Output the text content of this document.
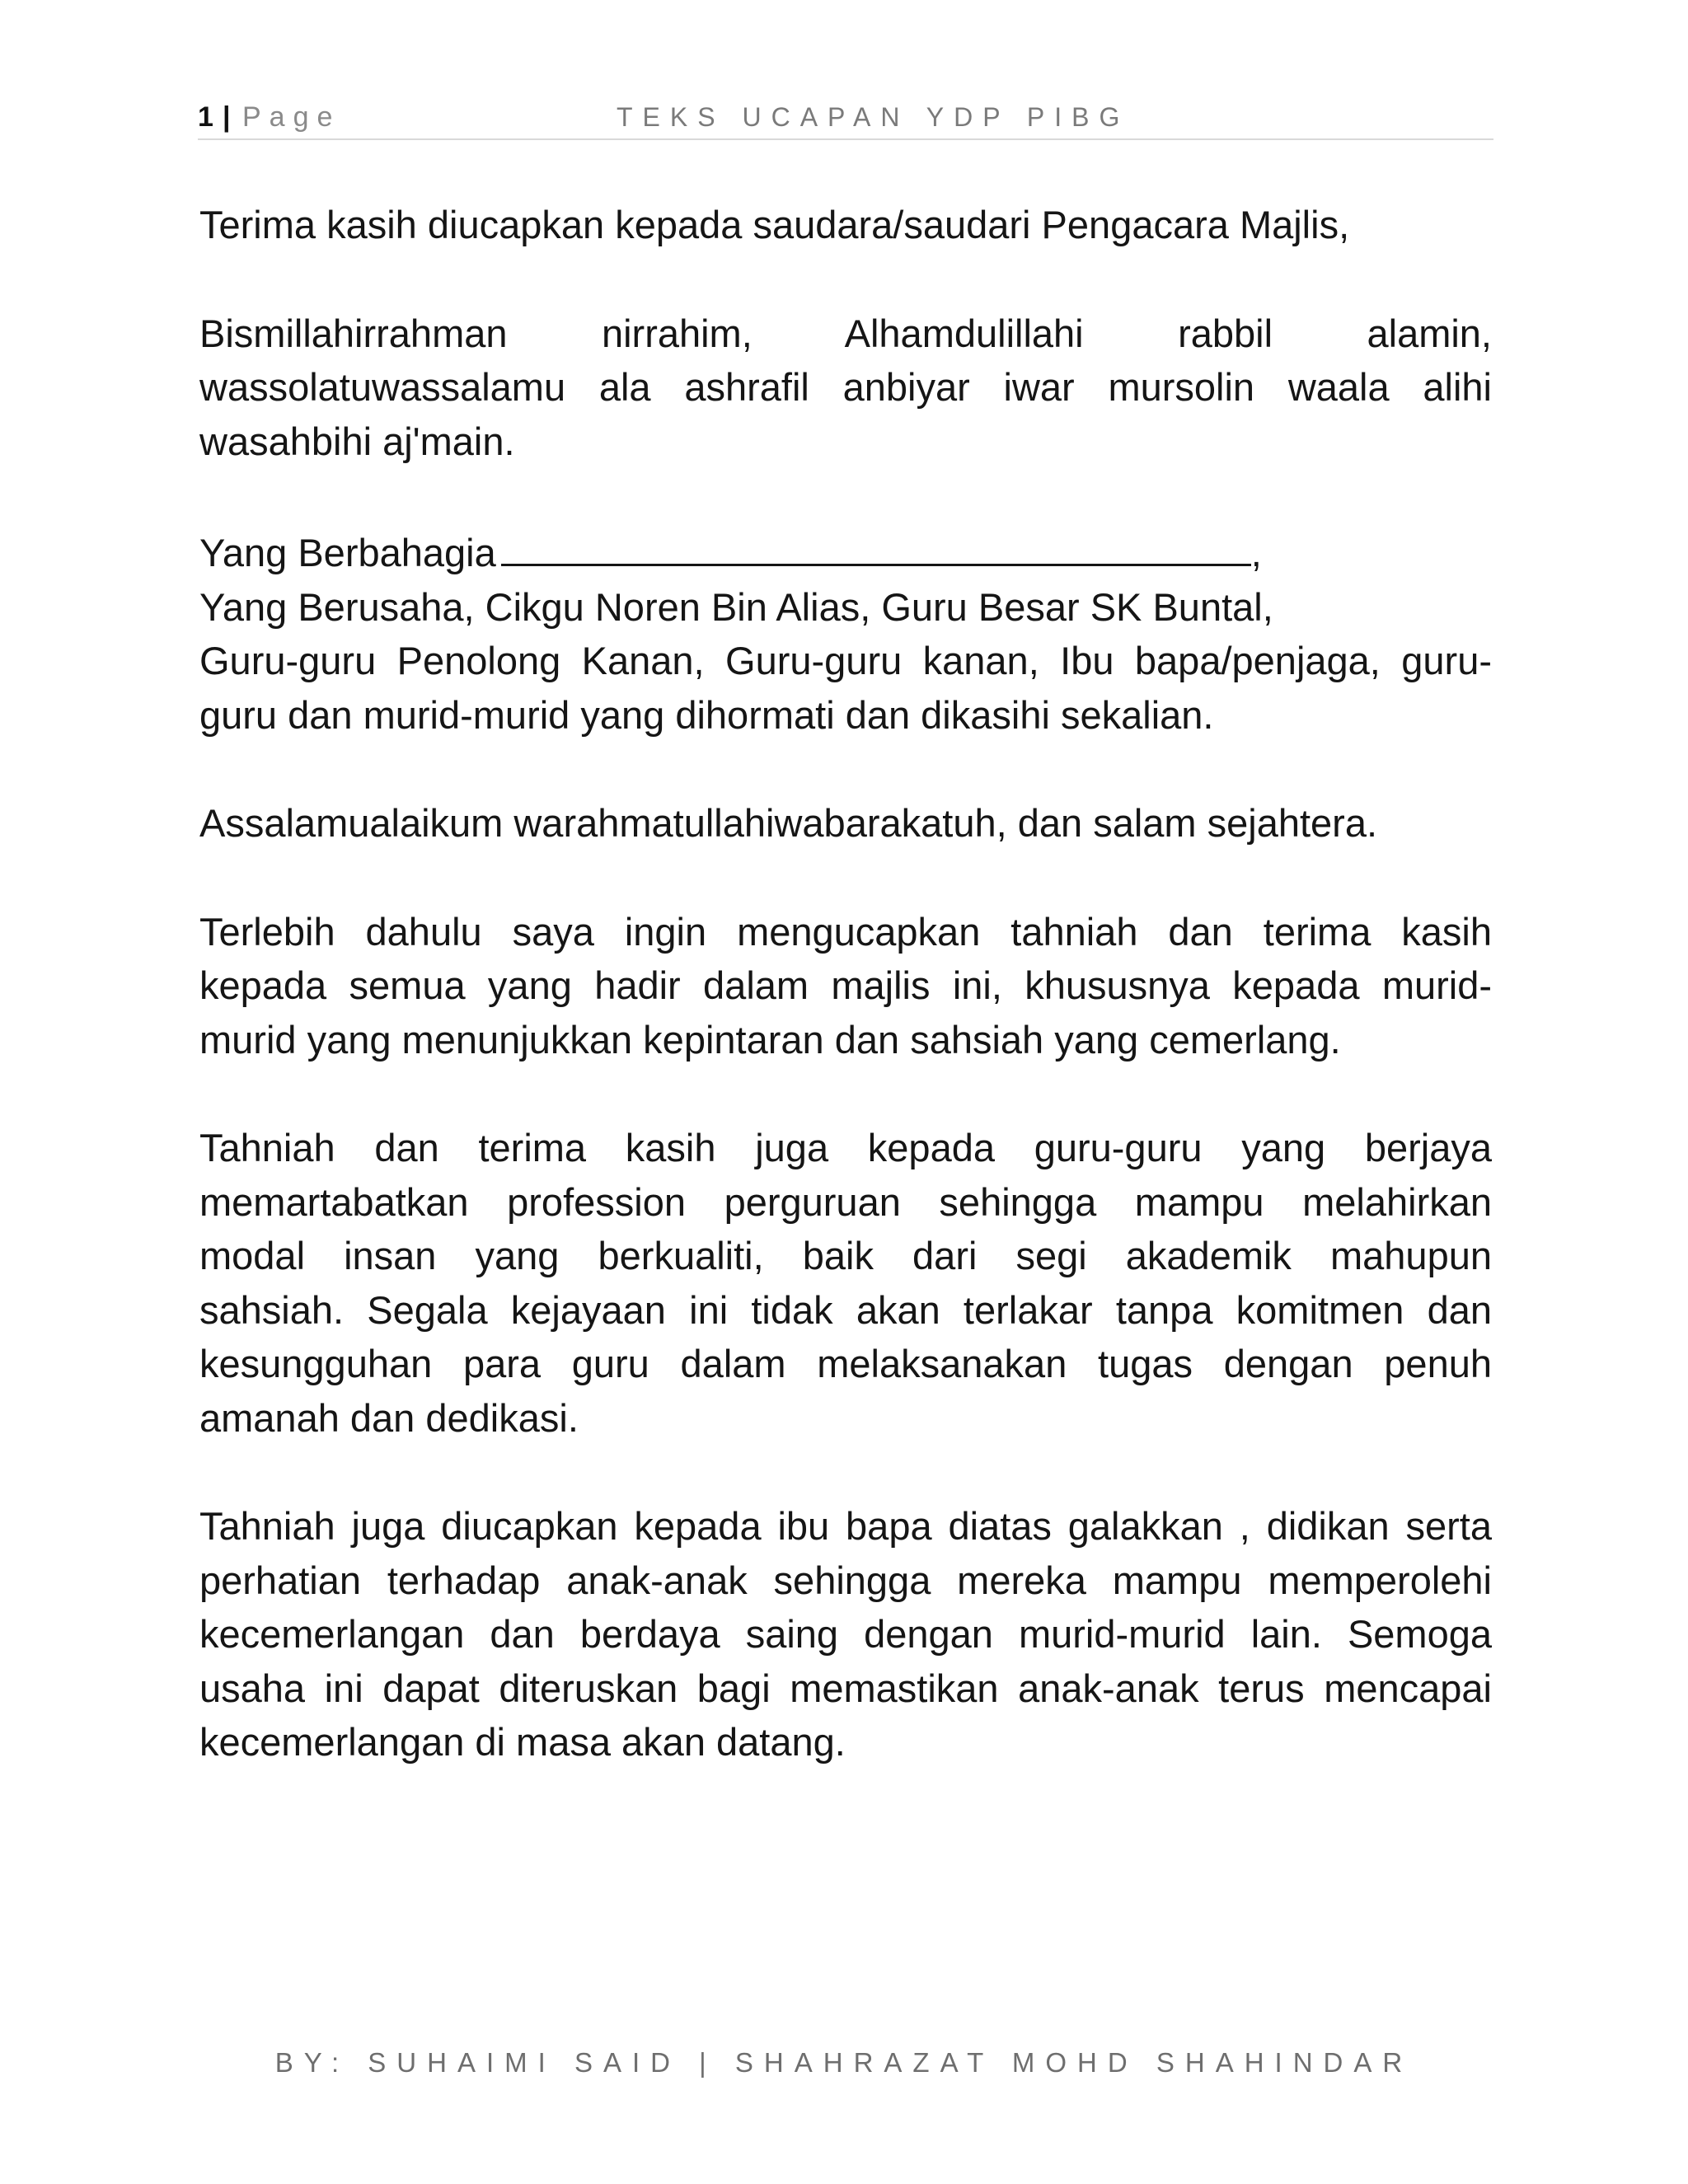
1 | Page	TEKS UCAPAN YDP PIBG

Terima kasih diucapkan kepada saudara/saudari Pengacara Majlis,

Bismillahirrahman nirrahim, Alhamdulillahi rabbil alamin,
wassolatuwassalamu ala ashrafil anbiyar iwar mursolin waala alihi
wasahbihi aj'main.

Yang Berbahagia	,
Yang Berusaha, Cikgu Noren Bin Alias, Guru Besar SK Buntal,
Guru-guru Penolong Kanan, Guru-guru kanan, Ibu bapa/penjaga, guru-
guru dan murid-murid yang dihormati dan dikasihi sekalian.

Assalamualaikum warahmatullahiwabarakatuh, dan salam sejahtera.

Terlebih dahulu saya ingin mengucapkan tahniah dan terima kasih
kepada semua yang hadir dalam majlis ini, khususnya kepada murid-
murid yang menunjukkan kepintaran dan sahsiah yang cemerlang.

Tahniah dan terima kasih juga kepada guru-guru yang berjaya
memartabatkan profession perguruan sehingga mampu melahirkan
modal insan yang berkualiti, baik dari segi akademik mahupun
sahsiah. Segala kejayaan ini tidak akan terlakar tanpa komitmen dan
kesungguhan para guru dalam melaksanakan tugas dengan penuh
amanah dan dedikasi.

Tahniah juga diucapkan kepada ibu bapa diatas galakkan , didikan serta
perhatian terhadap anak-anak sehingga mereka mampu memperolehi
kecemerlangan dan berdaya saing dengan murid-murid lain. Semoga
usaha ini dapat diteruskan bagi memastikan anak-anak terus mencapai
kecemerlangan di masa akan datang.

BY: SUHAIMI SAID | SHAHRAZAT MOHD SHAHINDAR
